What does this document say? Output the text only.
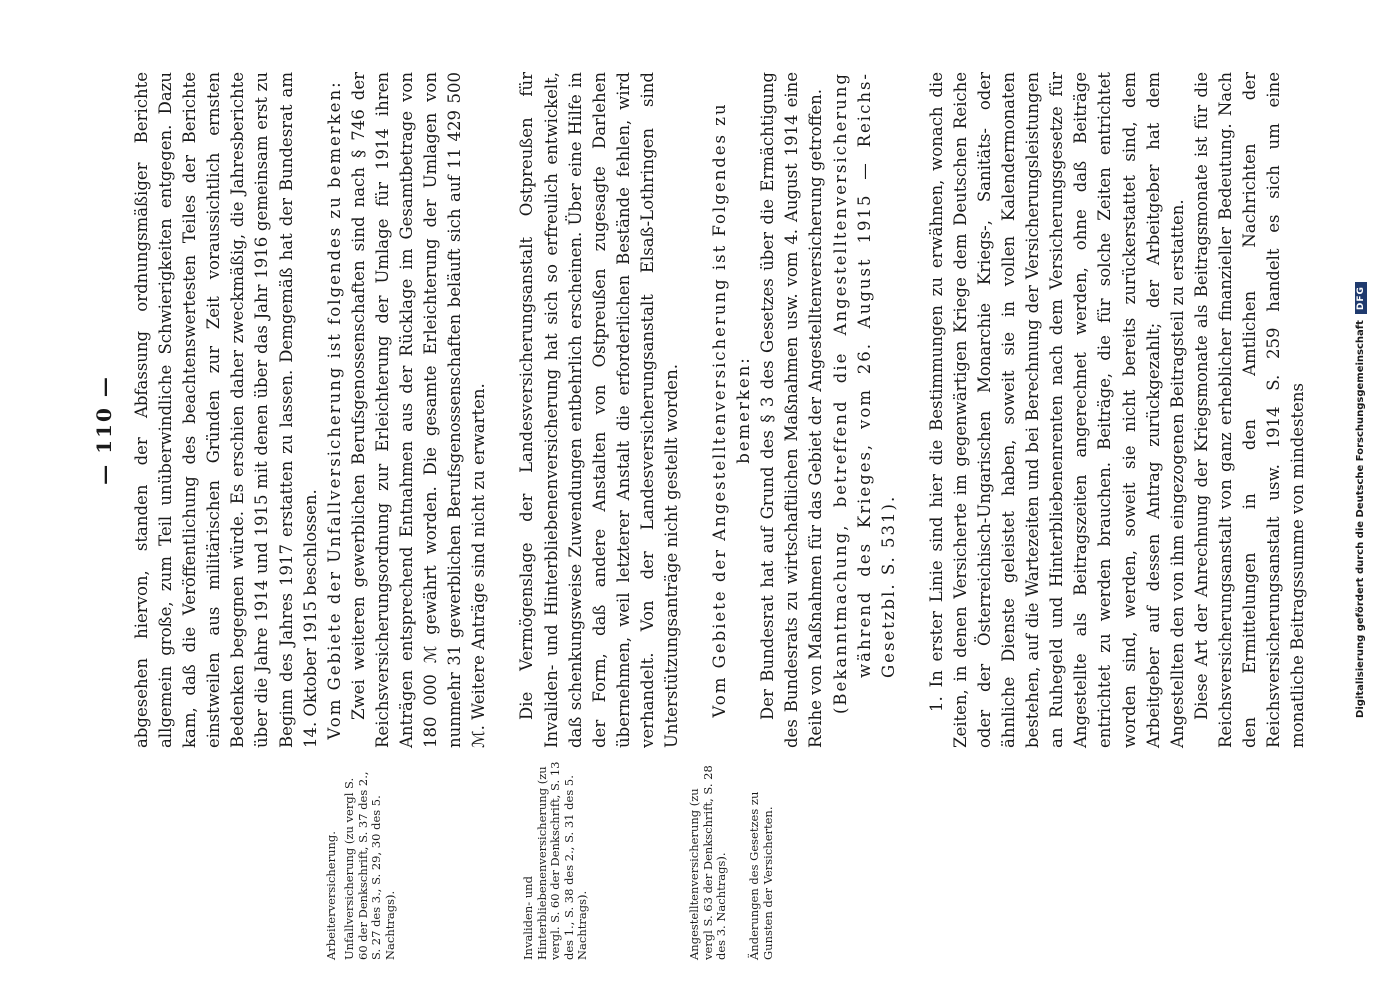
— 110 — abgesehen hiervon, standen der Abfassung ordnungsmäßiger Berichte allgemein große, zum Teil unüberwindliche Schwierigkeiten entgegen. Dazu kam, daß die Veröffentlichung des beachtenswertesten Teiles der Berichte einstweilen aus militärischen Gründen zur Zeit voraussichtlich ernsten Bedenken begegnen würde. Es erschien daher zweckmäßig, die Jahresberichte über die Jahre 1914 und 1915 mit denen über das Jahr 1916 gemeinsam erst zu Beginn des Jahres 1917 erstatten zu lassen. Demgemäß hat der Bundesrat am 14. Oktober 1915 beschlossen. Vom Gebiete der Unfallversicherung ist folgendes zu bemerken: Zwei weiteren gewerblichen Berufsgenossenschaften sind nach § 746 der Reichsversicherungsordnung zur Erleichterung der Umlage für 1914 ihren Anträgen entsprechend Entnahmen aus der Rücklage im Gesamtbetrage von 180 000 ℳ gewährt worden. Die gesamte Erleichterung der Umlagen von nunmehr 31 gewerblichen Berufsgenossenschaften beläuft sich auf 11 429 500 ℳ. Weitere Anträge sind nicht zu erwarten. Die Vermögenslage der Landesversicherungsanstalt Ostpreußen für Invaliden- und Hinterbliebenenversicherung hat sich so erfreulich entwickelt, daß schenkungsweise Zuwendungen entbehrlich erscheinen. Über eine Hilfe in der Form, daß andere Anstalten von Ostpreußen zugesagte Darlehen übernehmen, weil letzterer Anstalt die erforderlichen Bestände fehlen, wird verhandelt. Von der Landesversicherungsanstalt Elsaß-Lothringen sind Unterstützungsanträge nicht gestellt worden. Vom Gebiete der Angestelltenversicherung ist Folgendes zu bemerken: Der Bundesrat hat auf Grund des § 3 des Gesetzes über die Ermächtigung des Bundesrats zu wirtschaftlichen Maßnahmen usw. vom 4. August 1914 eine Reihe von Maßnahmen für das Gebiet der Angestelltenversicherung getroffen. (Bekanntmachung, betreffend die Angestelltenversicherung während des Krieges, vom 26. August 1915 — Reichs-Gesetzbl. S. 531). 1. In erster Linie sind hier die Bestimmungen zu erwähnen, wonach die Zeiten, in denen Versicherte im gegenwärtigen Kriege dem Deutschen Reiche oder der Österreichisch-Ungarischen Monarchie Kriegs-, Sanitäts- oder ähnliche Dienste geleistet haben, soweit sie in vollen Kalendermonaten bestehen, auf die Wartezeiten und bei Berechnung der Versicherungsleistungen an Ruhegeld und Hinterbliebenenrenten nach dem Versicherungsgesetze für Angestellte als Beitragszeiten angerechnet werden, ohne daß Beiträge entrichtet zu werden brauchen. Beiträge, die für solche Zeiten entrichtet worden sind, werden, soweit sie nicht bereits zurückerstattet sind, dem Arbeitgeber auf dessen Antrag zurückgezahlt; der Arbeitgeber hat dem Angestellten den von ihm eingezogenen Beitragsteil zu erstatten. Diese Art der Anrechnung der Kriegsmonate als Beitragsmonate ist für die Reichsversicherungsanstalt von ganz erheblicher finanzieller Bedeutung. Nach den Ermittelungen in den Amtlichen Nachrichten der Reichsversicherungsanstalt usw. 1914 S. 259 handelt es sich um eine monatliche Beitragssumme von mindestens

Arbeiterversicherung. Unfallversicherung (zu vergl S. 60 der Denkschrift, S. 37 des 2., S. 27 des 3., S. 29, 30 des 5. Nachtrags).	Invaliden- und Hinterbliebenenversicherung (zu vergl. S. 60 der Denkschrift, S. 13 des 1., S. 38 des 2., S. 31 des 5. Nachtrags).	Angestelltenversicherung (zu vergl S. 63 der Denkschrift, S. 28 des 3. Nachtrags). Änderungen des Gesetzes zu Gunsten der Versicherten.
Digitalisierung gefördert durch die Deutsche ForschungsgemeinschaftDFG
